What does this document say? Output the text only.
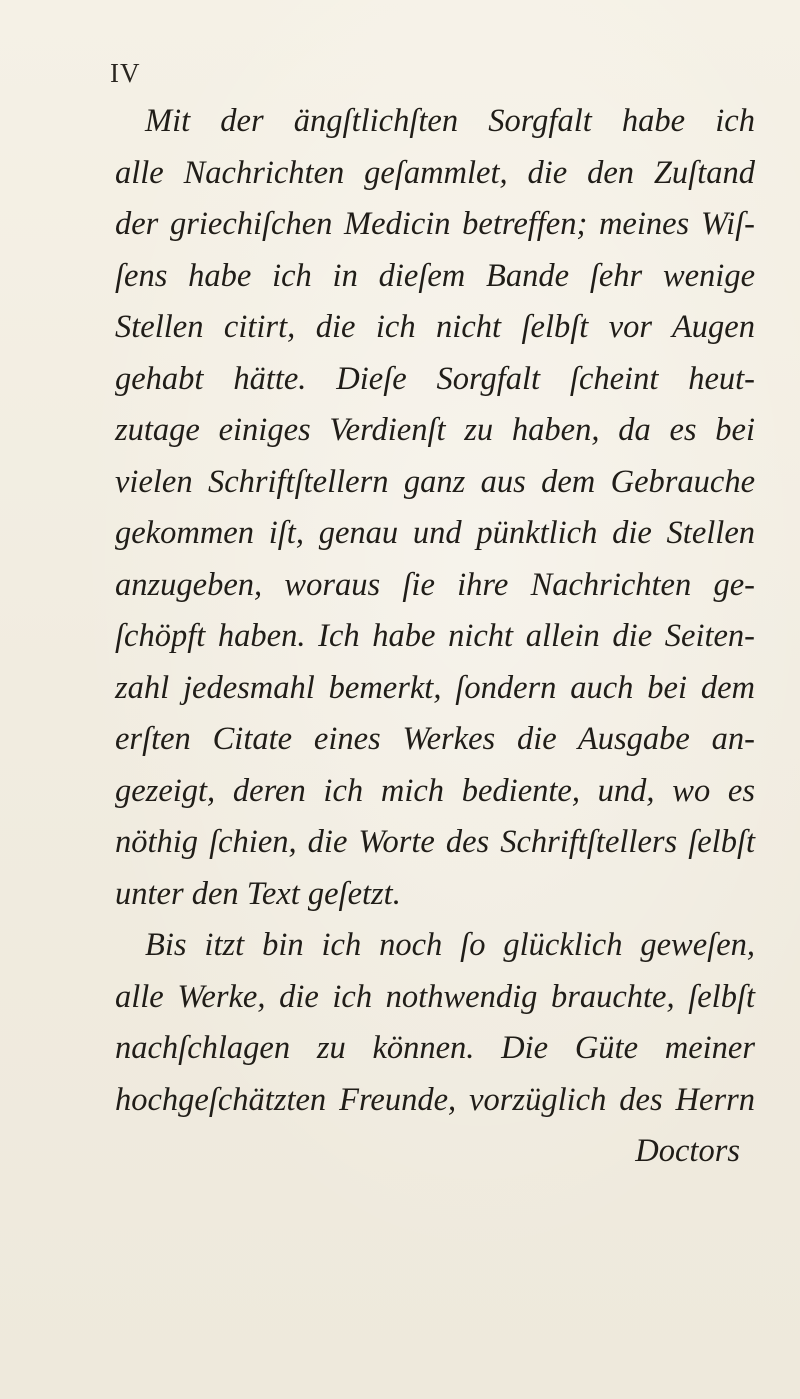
IV
Mit der ängſtlichſten Sorgfalt habe ich
alle Nachrichten geſammlet, die den Zuſtand
der griechiſchen Medicin betreffen; meines Wiſ-
ſens habe ich in dieſem Bande ſehr wenige
Stellen citirt, die ich nicht ſelbſt vor Augen
gehabt hätte. Dieſe Sorgfalt ſcheint heut-
zutage einiges Verdienſt zu haben, da es bei
vielen Schriftſtellern ganz aus dem Gebrauche
gekommen iſt, genau und pünktlich die Stellen
anzugeben, woraus ſie ihre Nachrichten ge-
ſchöpft haben. Ich habe nicht allein die Seiten-
zahl jedesmahl bemerkt, ſondern auch bei dem
erſten Citate eines Werkes die Ausgabe an-
gezeigt, deren ich mich bediente, und, wo es
nöthig ſchien, die Worte des Schriftſtellers ſelbſt
unter den Text geſetzt.
Bis itzt bin ich noch ſo glücklich geweſen,
alle Werke, die ich nothwendig brauchte, ſelbſt
nachſchlagen zu können. Die Güte meiner
hochgeſchätzten Freunde, vorzüglich des Herrn
Doctors
